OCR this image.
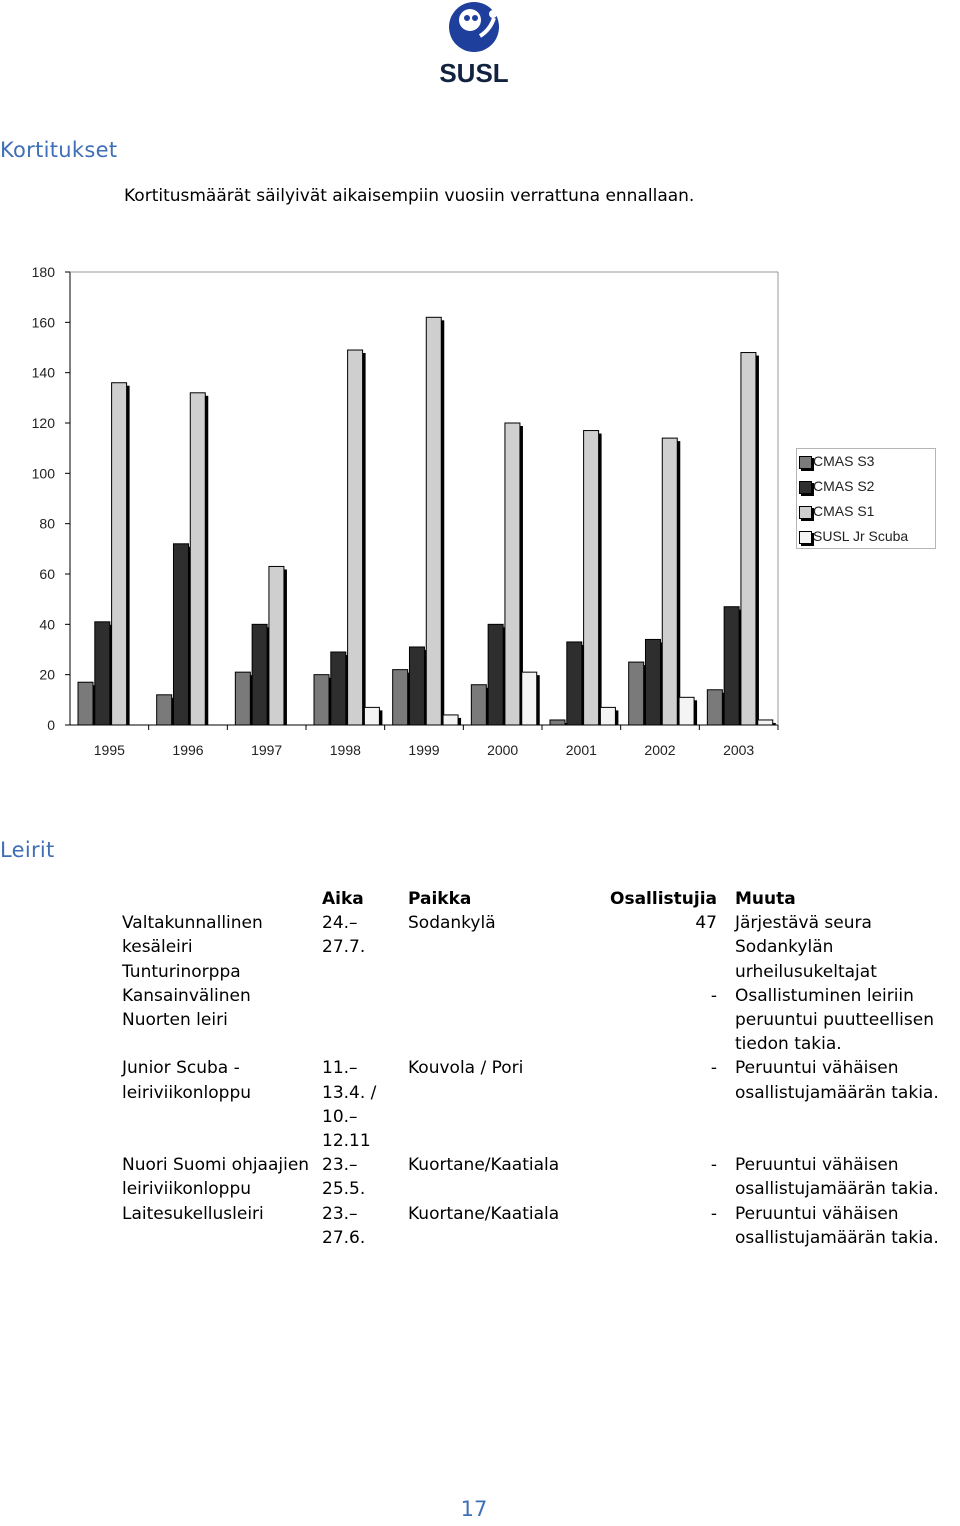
SUSL
Kortitukset
Kortitusmäärät säilyivät aikaisempiin vuosiin verrattuna ennallaan.
0
20
40
60
80
100
120
140
160
180
1995	1996	1997	1998	1999	2000	2001	2002	2003
CMAS S3
CMAS S2
CMAS S1
SUSL Jr Scuba
Leirit
	Aika	Paikka	Osallistujia	Muuta
Valtakunnallinen kesäleiri Tunturinorppa	24.–27.7.	Sodankylä	47	Järjestävä seura Sodankylän urheilusukeltajat
Kansainvälinen Nuorten leiri			-	Osallistuminen leiriin peruuntui puutteellisen tiedon takia.
Junior Scuba -leiriviikonloppu	11.–13.4. / 10.–12.11	Kouvola / Pori	-	Peruuntui vähäisen osallistujamäärän takia.
Nuori Suomi ohjaajien leiriviikonloppu	23.–25.5.	Kuortane/Kaatiala	-	Peruuntui vähäisen osallistujamäärän takia.
Laitesukellusleiri	23.–27.6.	Kuortane/Kaatiala	-	Peruuntui vähäisen osallistujamäärän takia.
17
